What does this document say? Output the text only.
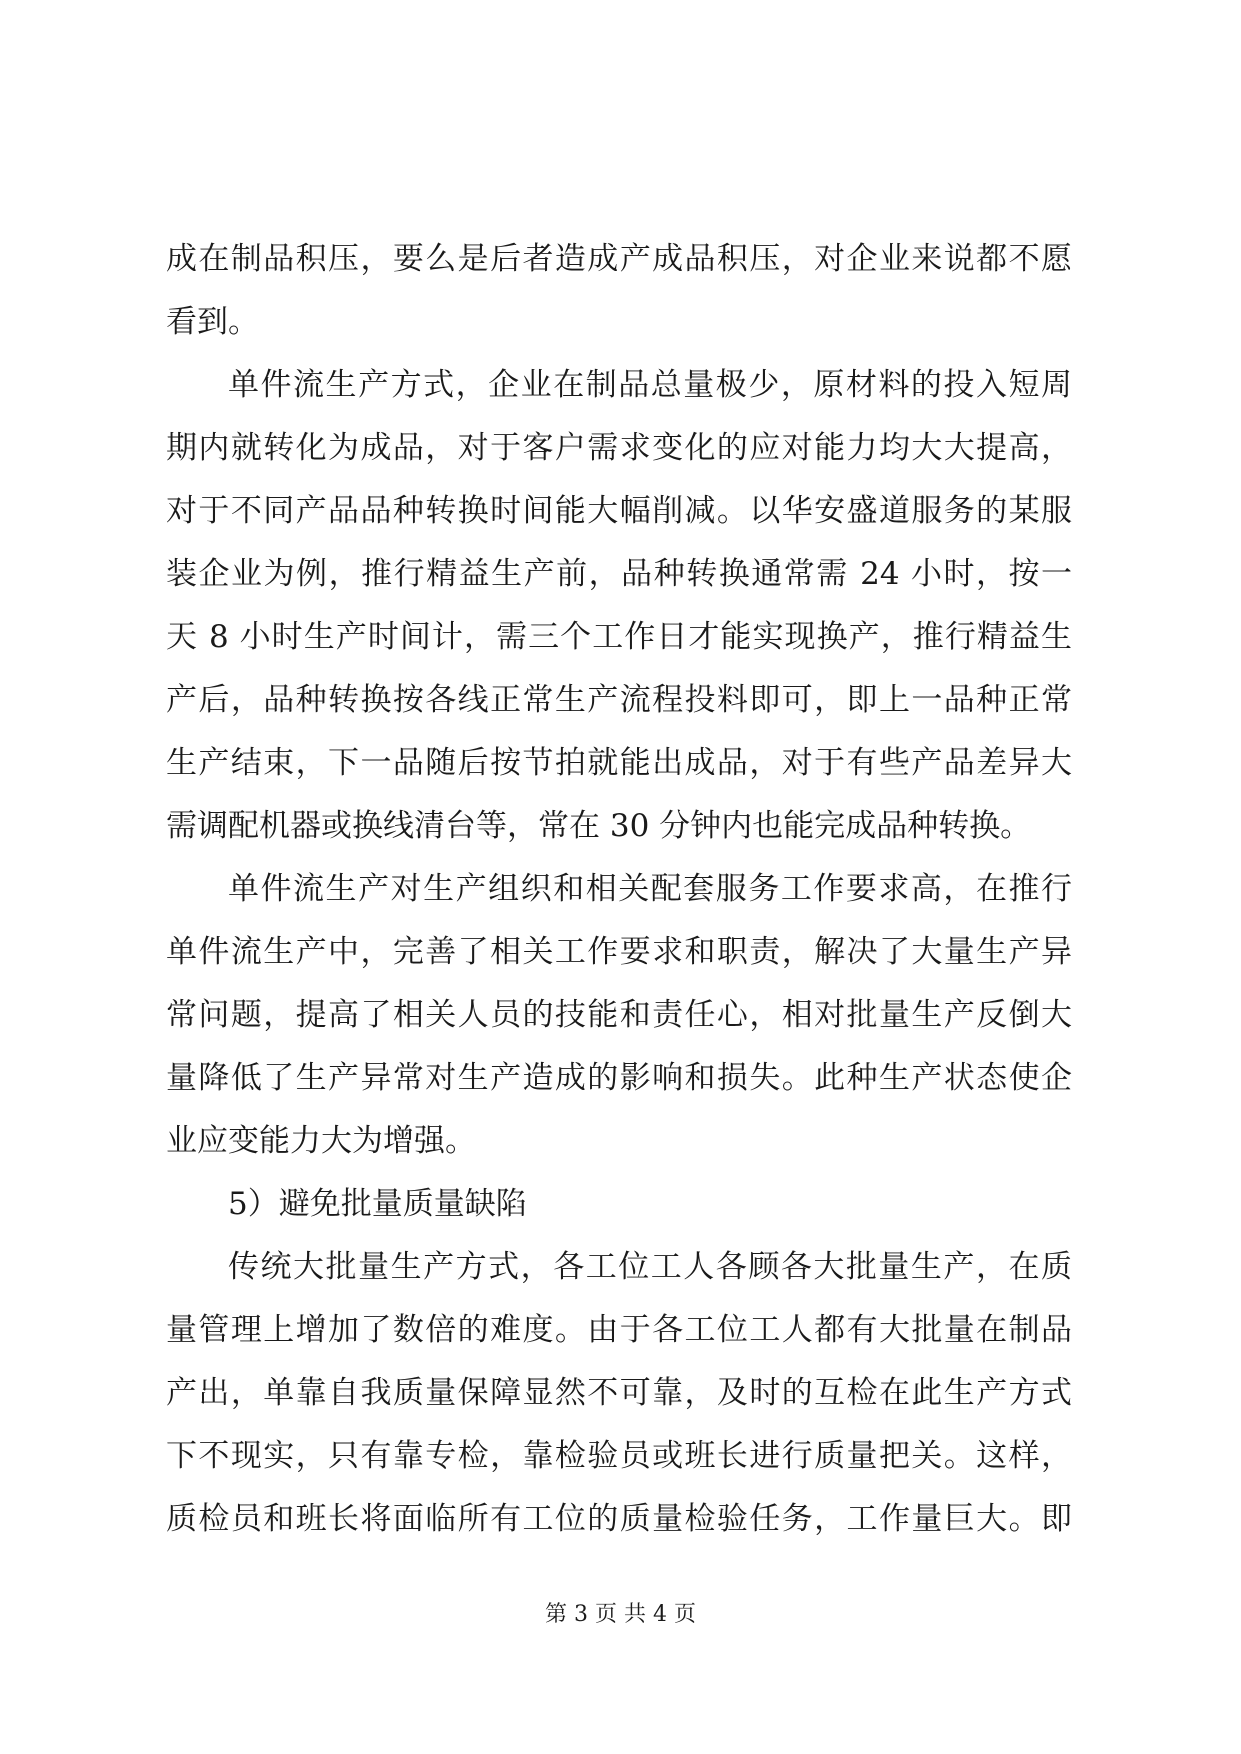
成在制品积压，要么是后者造成产成品积压，对企业来说都不愿
看到。
单件流生产方式，企业在制品总量极少，原材料的投入短周
期内就转化为成品，对于客户需求变化的应对能力均大大提高，
对于不同产品品种转换时间能大幅削减。以华安盛道服务的某服
装企业为例，推行精益生产前，品种转换通常需 24 小时，按一
天 8 小时生产时间计，需三个工作日才能实现换产，推行精益生
产后，品种转换按各线正常生产流程投料即可，即上一品种正常
生产结束，下一品随后按节拍就能出成品，对于有些产品差异大
需调配机器或换线清台等，常在 30 分钟内也能完成品种转换。
单件流生产对生产组织和相关配套服务工作要求高，在推行
单件流生产中，完善了相关工作要求和职责，解决了大量生产异
常问题，提高了相关人员的技能和责任心，相对批量生产反倒大
量降低了生产异常对生产造成的影响和损失。此种生产状态使企
业应变能力大为增强。
5）避免批量质量缺陷
传统大批量生产方式，各工位工人各顾各大批量生产，在质
量管理上增加了数倍的难度。由于各工位工人都有大批量在制品
产出，单靠自我质量保障显然不可靠，及时的互检在此生产方式
下不现实，只有靠专检，靠检验员或班长进行质量把关。这样，
质检员和班长将面临所有工位的质量检验任务，工作量巨大。即
第 3 页 共 4 页
